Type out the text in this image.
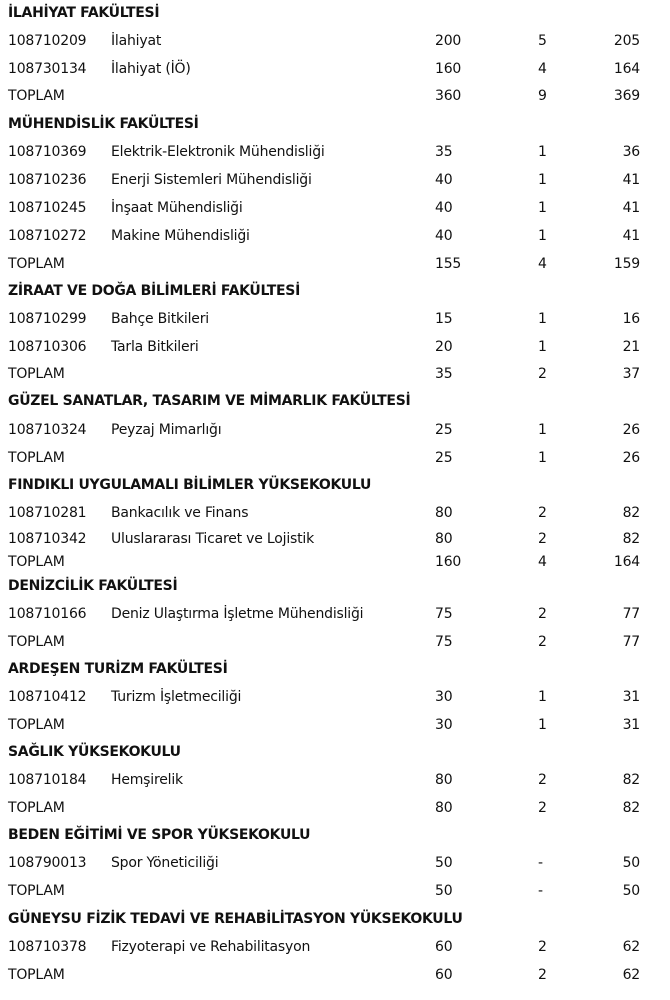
İLAHİYAT FAKÜLTESİ
108710209 İlahiyat	200	5	205
108730134 İlahiyat (İÖ)	160	4	164
TOPLAM	360	9	369
MÜHENDİSLİK FAKÜLTESİ
108710369 Elektrik-Elektronik Mühendisliği	35	1	36
108710236 Enerji Sistemleri Mühendisliği	40	1	41
108710245 İnşaat Mühendisliği	40	1	41
108710272 Makine Mühendisliği	40	1	41
TOPLAM	155	4	159
ZİRAAT VE DOĞA BİLİMLERİ FAKÜLTESİ
108710299 Bahçe Bitkileri	15	1	16
108710306 Tarla Bitkileri	20	1	21
TOPLAM	35	2	37
GÜZEL SANATLAR, TASARIM VE MİMARLIK FAKÜLTESİ
108710324 Peyzaj Mimarlığı	25	1	26
TOPLAM	25	1	26
FINDIKLI UYGULAMALI BİLİMLER YÜKSEKOKULU
108710281 Bankacılık ve Finans	80	2	82
108710342 Uluslararası Ticaret ve Lojistik	80	2	82
TOPLAM	160	4	164
DENİZCİLİK FAKÜLTESİ
108710166 Deniz Ulaştırma İşletme Mühendisliği	75	2	77
TOPLAM	75	2	77
ARDEŞEN TURİZM FAKÜLTESİ
108710412 Turizm İşletmeciliği	30	1	31
TOPLAM	30	1	31
SAĞLIK YÜKSEKOKULU
108710184 Hemşirelik	80	2	82
TOPLAM	80	2	82
BEDEN EĞİTİMİ VE SPOR YÜKSEKOKULU
108790013 Spor Yöneticiliği	50	-	50
TOPLAM	50	-	50
GÜNEYSU FİZİK TEDAVİ VE REHABİLİTASYON YÜKSEKOKULU
108710378 Fizyoterapi ve Rehabilitasyon	60	2	62
TOPLAM	60	2	62
